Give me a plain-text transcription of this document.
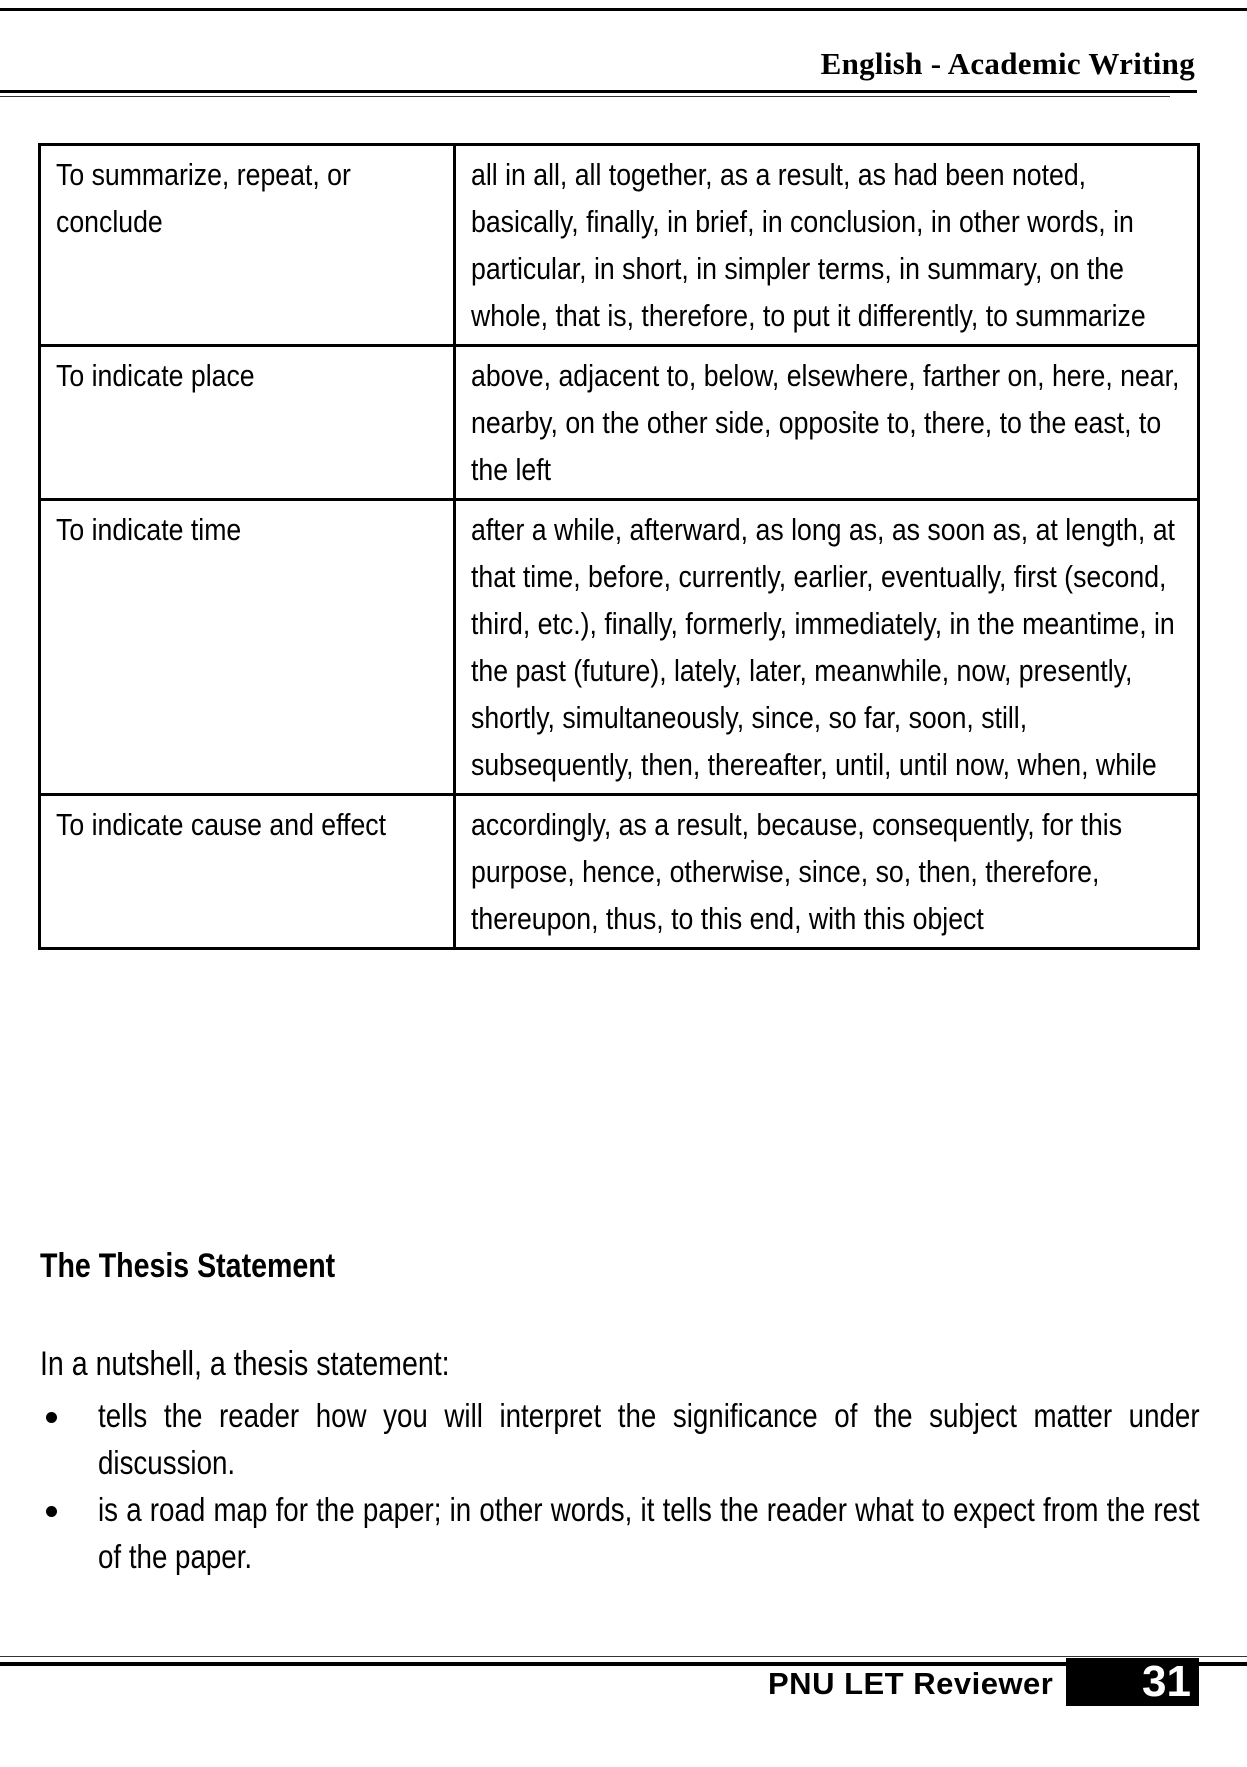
English - Academic Writing
To summarize, repeat, or conclude	all in all, all together, as a result, as had been noted, basically, finally, in brief, in conclusion, in other words, in particular, in short, in simpler terms, in summary, on the whole, that is, therefore, to put it differently, to summarize
To indicate place	above, adjacent to, below, elsewhere, farther on, here, near, nearby, on the other side, opposite to, there, to the east, to the left
To indicate time	after a while, afterward, as long as, as soon as, at length, at that time, before, currently, earlier, eventually, first (second, third, etc.), finally, formerly, immediately, in the meantime, in the past (future), lately, later, meanwhile, now, presently, shortly, simultaneously, since, so far, soon, still, subsequently, then, thereafter, until, until now, when, while
To indicate cause and effect	accordingly, as a result, because, consequently, for this purpose, hence, otherwise, since, so, then, therefore, thereupon, thus, to this end, with this object
The Thesis Statement
In a nutshell, a thesis statement:
tells the reader how you will interpret the significance of the subject matter under discussion.
is a road map for the paper; in other words, it tells the reader what to expect from the rest of the paper.
PNU LET Reviewer	31
